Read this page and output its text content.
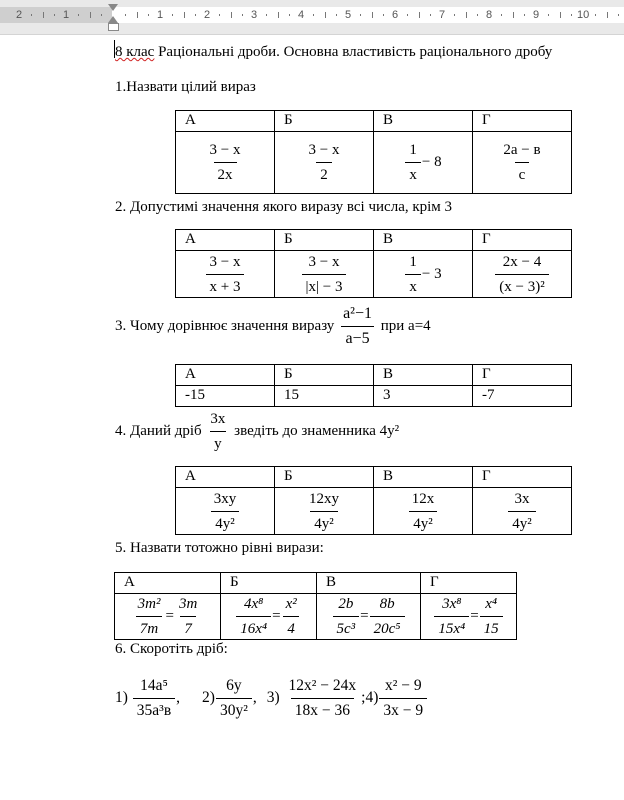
2	1	1	2	3	4	5	6	7	8	9	10
8 клас Раціональні дроби. Основна властивість раціонального дробу
1.Назвати цілий вираз
А	Б	В	Г

$\frac{3 - x}{2x}$	$\frac{3 - x}{2}$	$\frac{1}{x} - 8$	$\frac{2а - в}{с}$
2. Допустимі значення якого виразу всі числа, крім 3
А	Б	В	Г

$\frac{3 - x}{x + 3}$	$\frac{3 - x}{|x| - 3}$	$\frac{1}{x} - 3$	$\frac{2x - 4}{\text{(x − 3)²}}$
3. Чому дорівнює значення виразу
$\frac{\text{а²−1}}{а-5}$
при а=4
А	Б	В	Г
-15	15	3	-7
4. Даний дріб
$\frac{3x}{y}$
зведіть до знаменника 4y²
А	Б	В	Г

$\frac{3xy}{\text{4y²}}$	$\frac{12xy}{\text{4y²}}$	$\frac{12x}{\text{4y²}}$	$\frac{3x}{\text{4y²}}$
5. Назвати тотожно рівні вирази:
А	Б	В	Г

$\frac{\text{3m²}}{7m} = \frac{3m}{7}$	$\frac{\text{4x⁸}}{\text{16x⁴}} = \frac{\text{x²}}{4}$	$\frac{2b}{\text{5c³}} = \frac{8b}{\text{20c⁵}}$	$\frac{\text{3x⁸}}{\text{15x⁴}} = \frac{\text{x⁴}}{15}$
6. Скоротіть дріб:
1)
$\frac{\text{14а⁵}}{\text{35а³в}}$ , $2) \frac{6y}{\text{30y²}}$ , 3)
$\frac{\text{12x² − 24x}}{18x - 36}$ ; $4) \frac{\text{x² − 9}}{3x - 9}$
